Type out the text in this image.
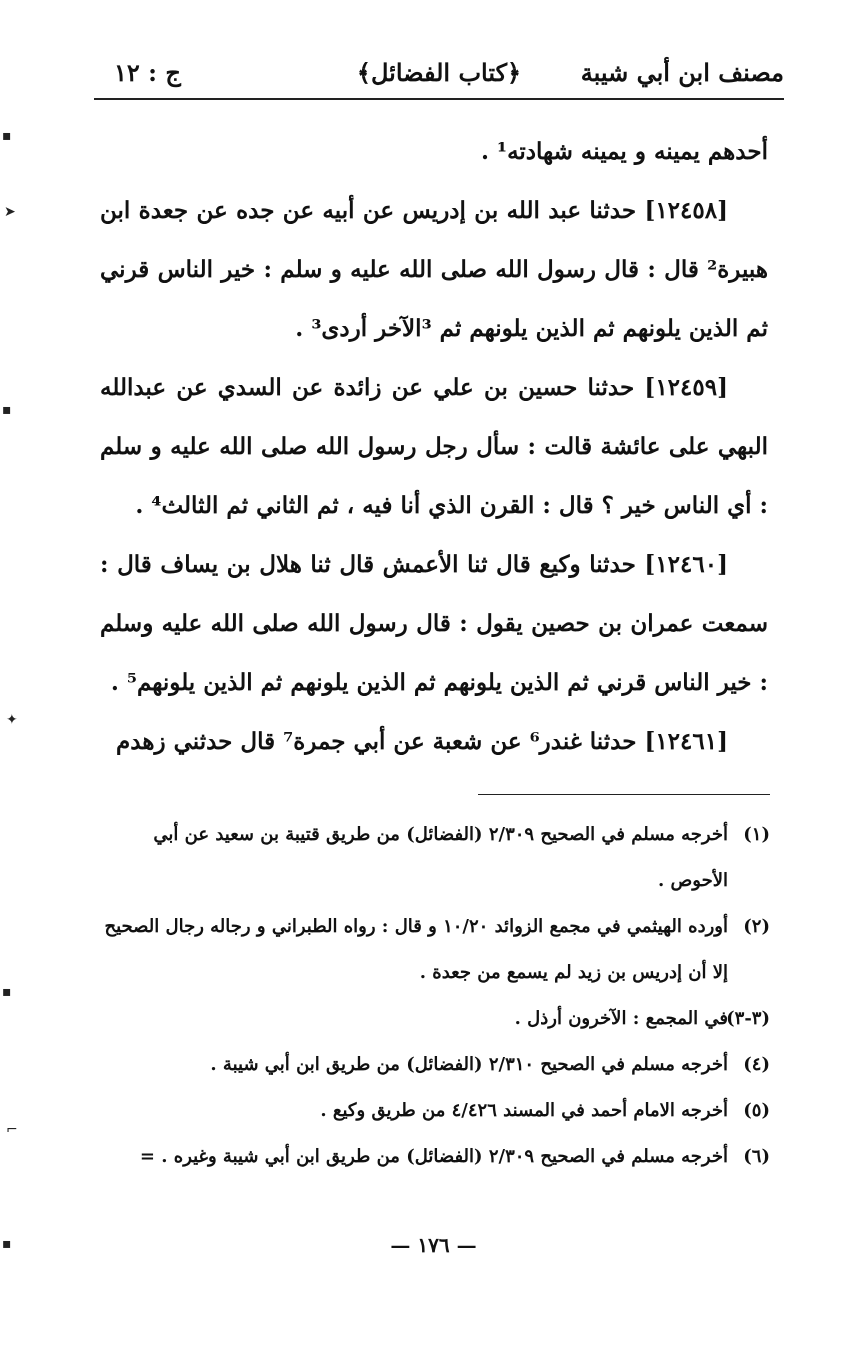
مصنف ابن أبي شيبة
﴿كتاب الفضائل﴾
ج : ١٢

أحدهم يمينه و يمينه شهادته¹ .

[١٢٤٥٨] حدثنا عبد الله بن إدريس عن أبيه عن جده عن جعدة ابن هبيرة² قال : قال رسول الله صلى الله عليه و سلم : خير الناس قرني ثم الذين يلونهم ثم الذين يلونهم ثم ³الآخر أردى³ .

[١٢٤٥٩] حدثنا حسين بن علي عن زائدة عن السدي عن عبدالله البهي على عائشة قالت : سأل رجل رسول الله صلى الله عليه و سلم : أي الناس خير ؟ قال : القرن الذي أنا فيه ، ثم الثاني ثم الثالث⁴ .

[١٢٤٦٠] حدثنا وكيع قال ثنا الأعمش قال ثنا هلال بن يساف قال : سمعت عمران بن حصين يقول : قال رسول الله صلى الله عليه وسلم : خير الناس قرني ثم الذين يلونهم ثم الذين يلونهم ثم الذين يلونهم⁵ .

[١٢٤٦١] حدثنا غندر⁶ عن شعبة عن أبي جمرة⁷ قال حدثني زهدم

(١)
أخرجه مسلم في الصحيح ٢/٣٠٩ (الفضائل) من طريق قتيبة بن سعيد عن أبي الأحوص .
(٢)
أورده الهيثمي في مجمع الزوائد ١٠/٢٠ و قال : رواه الطبراني و رجاله رجال الصحيح إلا أن إدريس بن زيد لم يسمع من جعدة .
(٣-٣)
في المجمع : الآخرون أرذل .
(٤)
أخرجه مسلم في الصحيح ٢/٣١٠ (الفضائل) من طريق ابن أبي شيبة .
(٥)
أخرجه الامام أحمد في المسند ٤/٤٢٦ من طريق وكيع .
(٦)
أخرجه مسلم في الصحيح ٢/٣٠٩ (الفضائل) من طريق ابن أبي شيبة وغيره . =
— ١٧٦ —
▪
➤
▪
✦
▪
⌐
▪
